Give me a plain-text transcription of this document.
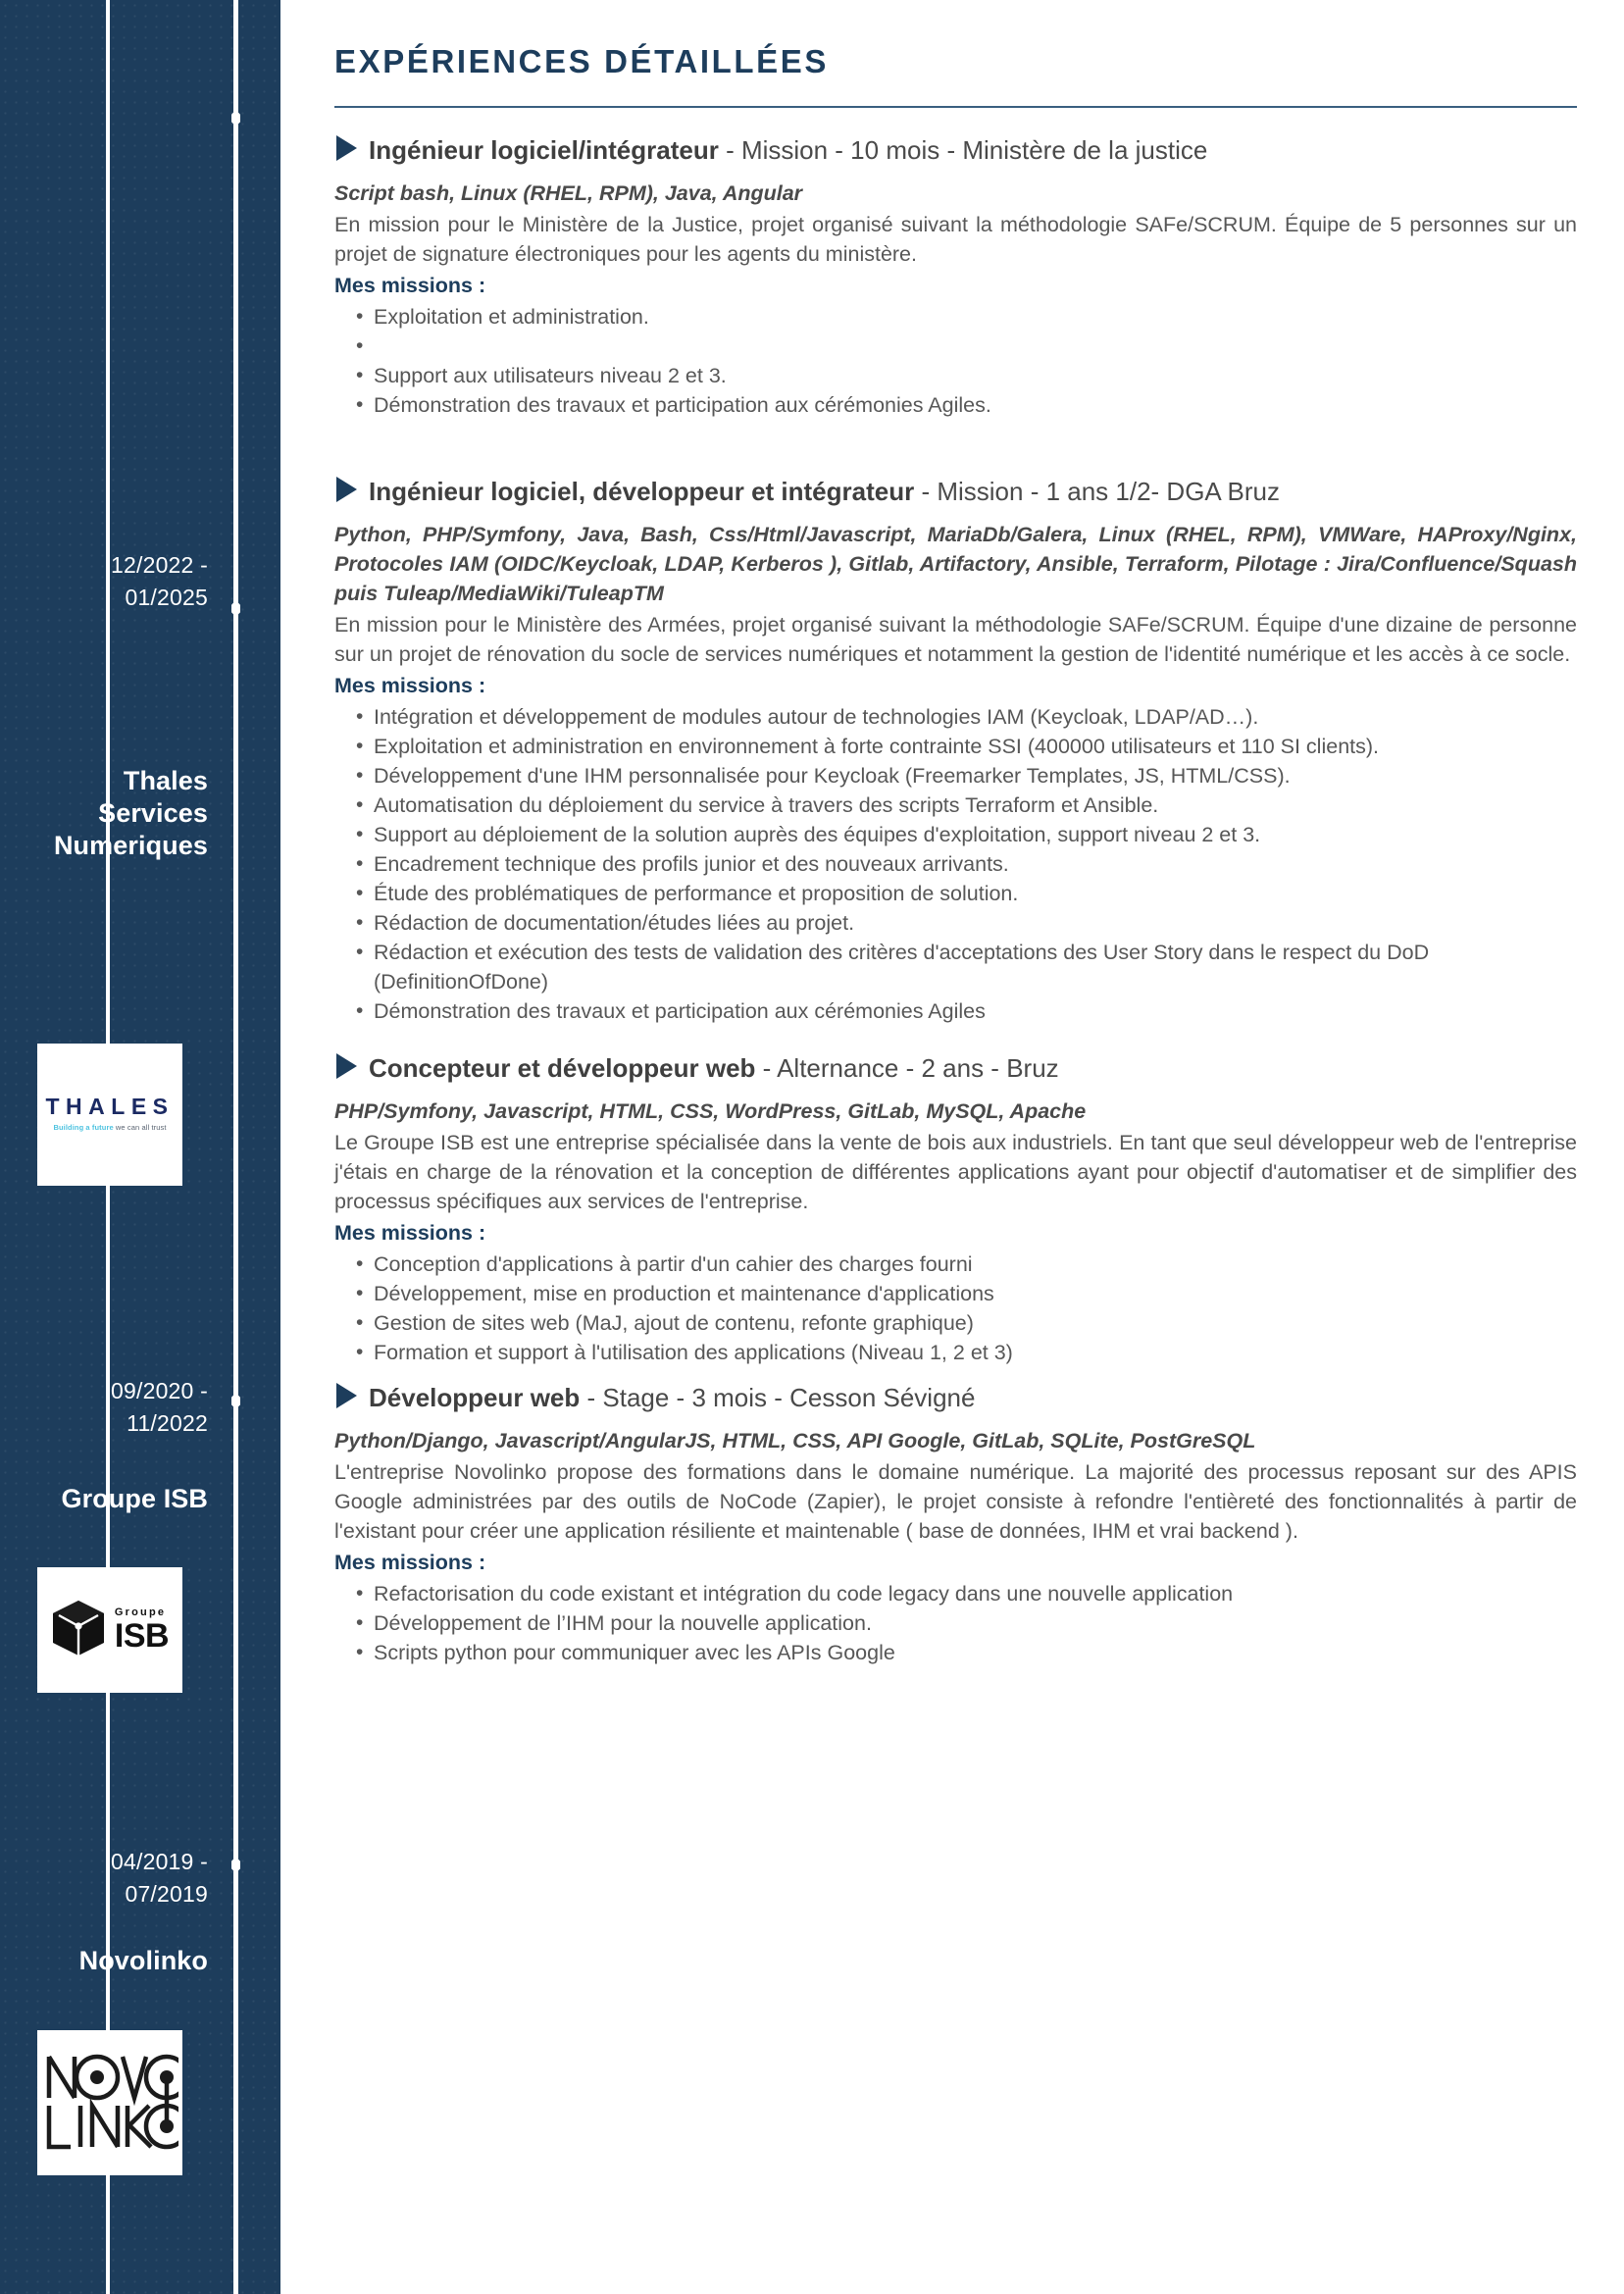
12/2022 -
01/2025
Thales
Services
Numeriques
THALES
Building a future we can all trust
09/2020 -
11/2022
Groupe ISB
Groupe
ISB
04/2019 -
07/2019
Novolinko
EXPÉRIENCES DÉTAILLÉES
Ingénieur logiciel/intégrateur - Mission - 10 mois - Ministère de la justice
Script bash, Linux (RHEL, RPM), Java, Angular
En mission pour le Ministère de la Justice, projet organisé suivant la méthodologie SAFe/SCRUM. Équipe de 5 personnes sur un projet de signature électroniques pour les agents du ministère.
Mes missions :
• Exploitation et administration.
•
• Support aux utilisateurs niveau 2 et 3.
• Démonstration des travaux et participation aux cérémonies Agiles.
Ingénieur logiciel, développeur et intégrateur - Mission - 1 ans 1/2- DGA Bruz
Python, PHP/Symfony, Java, Bash, Css/Html/Javascript, MariaDb/Galera, Linux (RHEL, RPM), VMWare, HAProxy/Nginx, Protocoles IAM (OIDC/Keycloak, LDAP, Kerberos ), Gitlab, Artifactory, Ansible, Terraform, Pilotage : Jira/Confluence/Squash puis Tuleap/MediaWiki/TuleapTM
En mission pour le Ministère des Armées, projet organisé suivant la méthodologie SAFe/SCRUM. Équipe d'une dizaine de personne sur un projet de rénovation du socle de services numériques et notamment la gestion de l'identité numérique et les accès à ce socle.
Mes missions :
• Intégration et développement de modules autour de technologies IAM (Keycloak, LDAP/AD…).
• Exploitation et administration en environnement à forte contrainte SSI (400000 utilisateurs et 110 SI clients).
• Développement d'une IHM personnalisée pour Keycloak (Freemarker Templates, JS, HTML/CSS).
• Automatisation du déploiement du service à travers des scripts Terraform et Ansible.
• Support au déploiement de la solution auprès des équipes d'exploitation, support niveau 2 et 3.
• Encadrement technique des profils junior et des nouveaux arrivants.
• Étude des problématiques de performance et proposition de solution.
• Rédaction de documentation/études liées au projet.
• Rédaction et exécution des tests de validation des critères d'acceptations des User Story dans le respect du DoD (DefinitionOfDone)
• Démonstration des travaux et participation aux cérémonies Agiles
Concepteur et développeur web - Alternance - 2 ans - Bruz
PHP/Symfony, Javascript, HTML, CSS, WordPress, GitLab, MySQL, Apache
Le Groupe ISB est une entreprise spécialisée dans la vente de bois aux industriels. En tant que seul développeur web de l'entreprise j'étais en charge de la rénovation et la conception de différentes applications ayant pour objectif d'automatiser et de simplifier des processus spécifiques aux services de l'entreprise.
Mes missions :
• Conception d'applications à partir d'un cahier des charges fourni
• Développement, mise en production et maintenance d'applications
• Gestion de sites web (MaJ, ajout de contenu, refonte graphique)
• Formation et support à l'utilisation des applications (Niveau 1, 2 et 3)
Développeur web - Stage - 3 mois - Cesson Sévigné
Python/Django, Javascript/AngularJS, HTML, CSS, API Google, GitLab, SQLite, PostGreSQL
L'entreprise Novolinko propose des formations dans le domaine numérique. La majorité des processus reposant sur des APIS Google administrées par des outils de NoCode (Zapier), le projet consiste à refondre l'entièreté des fonctionnalités à partir de l'existant pour créer une application résiliente et maintenable ( base de données, IHM et vrai backend ).
Mes missions :
• Refactorisation du code existant et intégration du code legacy dans une nouvelle application
• Développement de l’IHM pour la nouvelle application.
• Scripts python pour communiquer avec les APIs Google
